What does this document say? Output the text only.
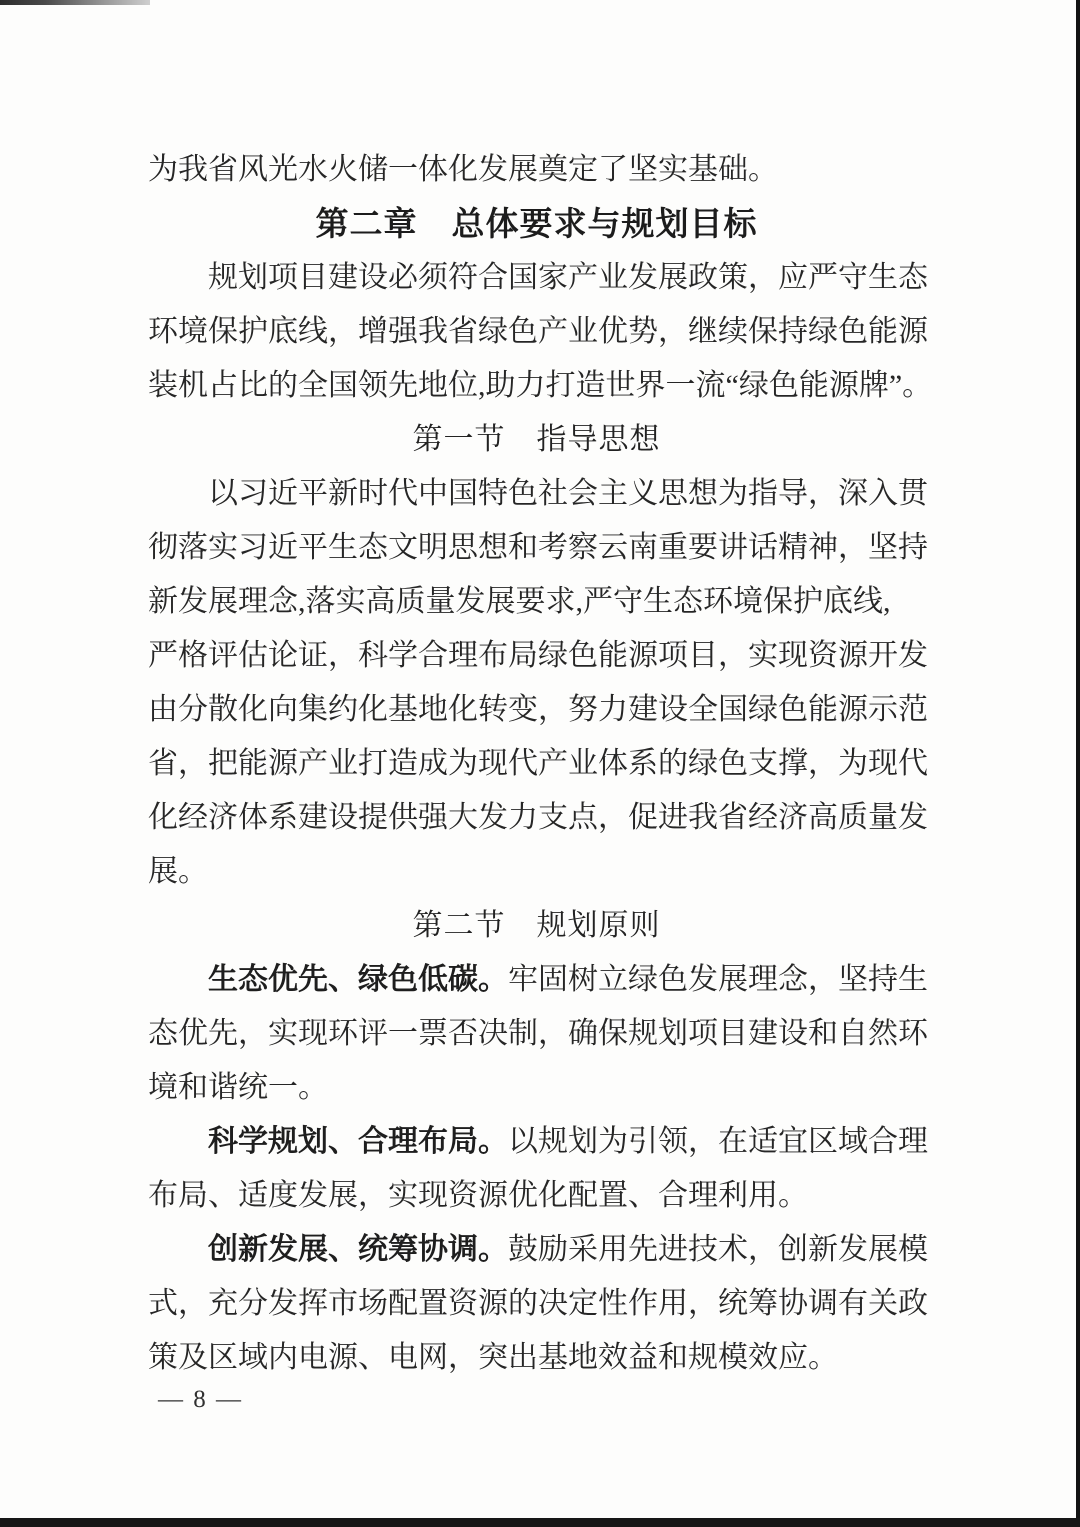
为我省风光水火储一体化发展奠定了坚实基础。
第二章　总体要求与规划目标
规划项目建设必须符合国家产业发展政策，应严守生态
环境保护底线，增强我省绿色产业优势，继续保持绿色能源
装机占比的全国领先地位,助力打造世界一流“绿色能源牌”。
第一节　指导思想
以习近平新时代中国特色社会主义思想为指导，深入贯
彻落实习近平生态文明思想和考察云南重要讲话精神，坚持
新发展理念,落实高质量发展要求,严守生态环境保护底线,
严格评估论证，科学合理布局绿色能源项目，实现资源开发
由分散化向集约化基地化转变，努力建设全国绿色能源示范
省，把能源产业打造成为现代产业体系的绿色支撑，为现代
化经济体系建设提供强大发力支点，促进我省经济高质量发
展。
第二节　规划原则
生态优先、绿色低碳。牢固树立绿色发展理念，坚持生
态优先，实现环评一票否决制，确保规划项目建设和自然环
境和谐统一。
科学规划、合理布局。以规划为引领，在适宜区域合理
布局、适度发展，实现资源优化配置、合理利用。
创新发展、统筹协调。鼓励采用先进技术，创新发展模
式，充分发挥市场配置资源的决定性作用，统筹协调有关政
策及区域内电源、电网，突出基地效益和规模效应。
— 8 —
